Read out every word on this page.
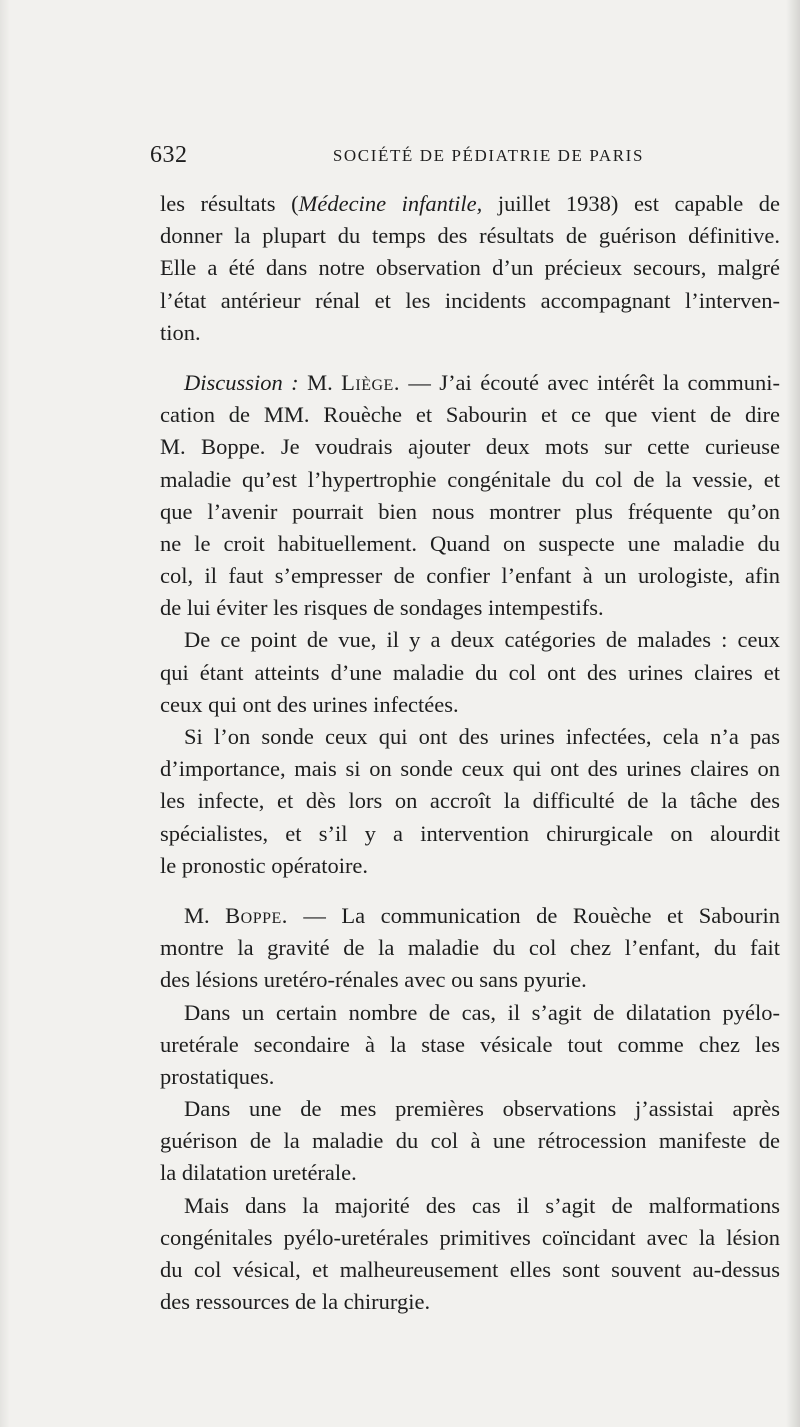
632	SOCIÉTÉ DE PÉDIATRIE DE PARIS
les résultats (Médecine infantile, juillet 1938) est capable de
donner la plupart du temps des résultats de guérison définitive.
Elle a été dans notre observation d’un précieux secours, malgré
l’état antérieur rénal et les incidents accompagnant l’interven-
tion.
Discussion : M. Liège. — J’ai écouté avec intérêt la communi-
cation de MM. Rouèche et Sabourin et ce que vient de dire
M. Boppe. Je voudrais ajouter deux mots sur cette curieuse
maladie qu’est l’hypertrophie congénitale du col de la vessie, et
que l’avenir pourrait bien nous montrer plus fréquente qu’on
ne le croit habituellement. Quand on suspecte une maladie du
col, il faut s’empresser de confier l’enfant à un urologiste, afin
de lui éviter les risques de sondages intempestifs.
De ce point de vue, il y a deux catégories de malades : ceux
qui étant atteints d’une maladie du col ont des urines claires et
ceux qui ont des urines infectées.
Si l’on sonde ceux qui ont des urines infectées, cela n’a pas
d’importance, mais si on sonde ceux qui ont des urines claires on
les infecte, et dès lors on accroît la difficulté de la tâche des
spécialistes, et s’il y a intervention chirurgicale on alourdit
le pronostic opératoire.
M. Boppe. — La communication de Rouèche et Sabourin
montre la gravité de la maladie du col chez l’enfant, du fait
des lésions uretéro-rénales avec ou sans pyurie.
Dans un certain nombre de cas, il s’agit de dilatation pyélo-
uretérale secondaire à la stase vésicale tout comme chez les
prostatiques.
Dans une de mes premières observations j’assistai après
guérison de la maladie du col à une rétrocession manifeste de
la dilatation uretérale.
Mais dans la majorité des cas il s’agit de malformations
congénitales pyélo-uretérales primitives coïncidant avec la lésion
du col vésical, et malheureusement elles sont souvent au-dessus
des ressources de la chirurgie.
